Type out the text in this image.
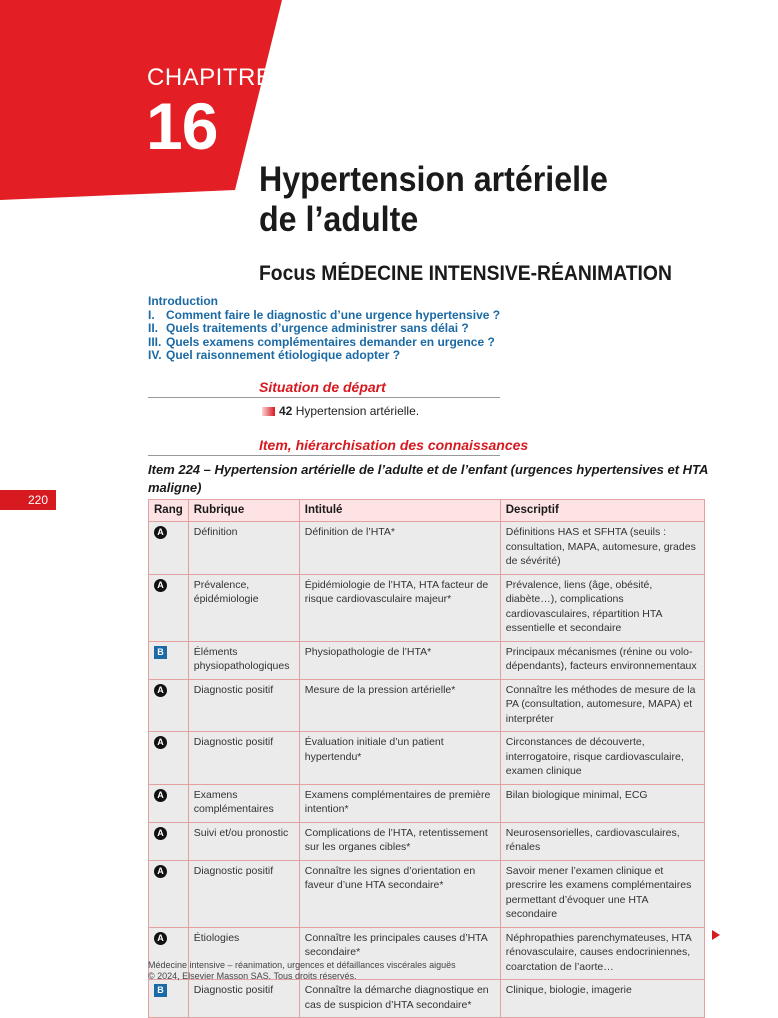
CHAPITRE
16
Hypertension artérielle
de l’adulte
Focus MÉDECINE INTENSIVE-RÉANIMATION
Introduction
I. Comment faire le diagnostic d’une urgence hypertensive ?
II. Quels traitements d’urgence administrer sans délai ?
III. Quels examens complémentaires demander en urgence ?
IV. Quel raisonnement étiologique adopter ?
Situation de départ
42
Hypertension artérielle.
Item, hiérarchisation des connaissances
Item 224 – Hypertension artérielle de l’adulte et de l’enfant (urgences hypertensives et HTA maligne)
220
Rang	Rubrique	Intitulé	Descriptif

A	Définition	Définition de l’HTA*	Définitions HAS et SFHTA (seuils : consultation, MAPA, automesure, grades de sévérité)

A	Prévalence, épidémiologie	Épidémiologie de l’HTA, HTA facteur de risque cardiovasculaire majeur*	Prévalence, liens (âge, obésité, diabète…), complications cardiovasculaires, répartition HTA essentielle et secondaire

B	Éléments physiopathologiques	Physiopathologie de l’HTA*	Principaux mécanismes (rénine ou volo-dépendants), facteurs environnementaux

A	Diagnostic positif	Mesure de la pression artérielle*	Connaître les méthodes de mesure de la PA (consultation, automesure, MAPA) et interpréter

A	Diagnostic positif	Évaluation initiale d’un patient hypertendu*	Circonstances de découverte, interrogatoire, risque cardiovasculaire, examen clinique

A	Examens complémentaires	Examens complémentaires de première intention*	Bilan biologique minimal, ECG

A	Suivi et/ou pronostic	Complications de l’HTA, retentissement sur les organes cibles*	Neurosensorielles, cardiovasculaires, rénales

A	Diagnostic positif	Connaître les signes d’orientation en faveur d’une HTA secondaire*	Savoir mener l’examen clinique et prescrire les examens complémentaires permettant d’évoquer une HTA secondaire

A	Étiologies	Connaître les principales causes d’HTA secondaire*	Néphropathies parenchymateuses, HTA rénovasculaire, causes endocriniennes, coarctation de l’aorte…

B	Diagnostic positif	Connaître la démarche diagnostique en cas de suspicion d’HTA secondaire*	Clinique, biologie, imagerie
Médecine intensive – réanimation, urgences et défaillances viscérales aiguës
© 2024, Elsevier Masson SAS. Tous droits réservés.
